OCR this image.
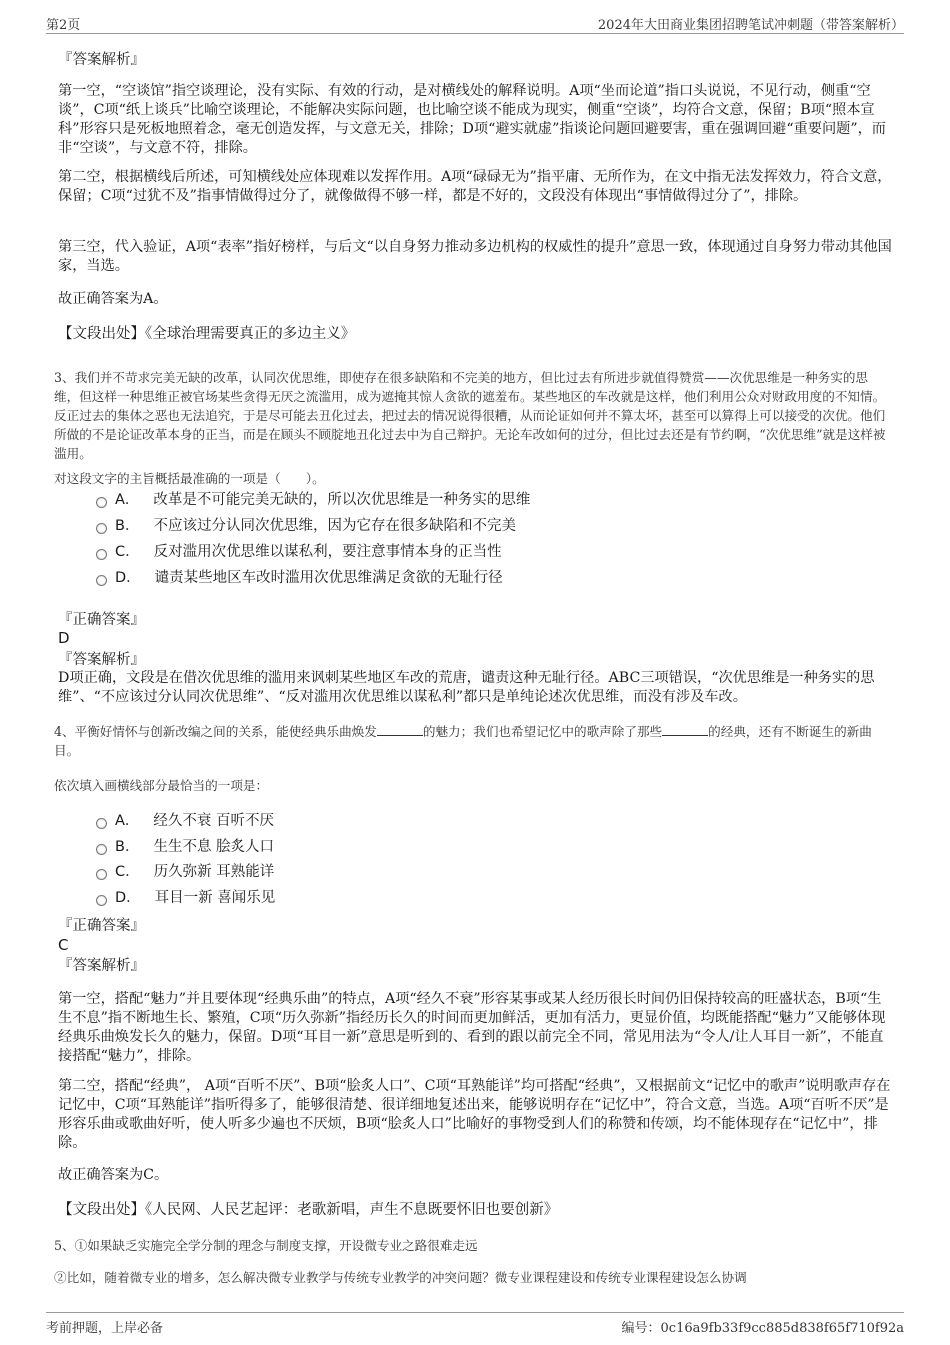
第2页	2024年大田商业集团招聘笔试冲刺题（带答案解析）
『答案解析』
第一空，“空谈馆”指空谈理论，没有实际、有效的行动，是对横线处的解释说明。A项“坐而论道”指口头说说，不见行动，侧重“空谈”，C项“纸上谈兵”比喻空谈理论，不能解决实际问题，也比喻空谈不能成为现实，侧重“空谈”，均符合文意，保留；B项“照本宣科”形容只是死板地照着念，毫无创造发挥，与文意无关，排除；D项“避实就虚”指谈论问题回避要害，重在强调回避“重要问题”，而非“空谈”，与文意不符，排除。
第二空，根据横线后所述，可知横线处应体现难以发挥作用。A项“碌碌无为”指平庸、无所作为，在文中指无法发挥效力，符合文意，保留；C项“过犹不及”指事情做得过分了，就像做得不够一样，都是不好的，文段没有体现出“事情做得过分了”，排除。
第三空，代入验证，A项“表率”指好榜样，与后文“以自身努力推动多边机构的权威性的提升”意思一致，体现通过自身努力带动其他国家，当选。
故正确答案为A。
【文段出处】《全球治理需要真正的多边主义》
3、我们并不苛求完美无缺的改革，认同次优思维，即使存在很多缺陷和不完美的地方，但比过去有所进步就值得赞赏——次优思维是一种务实的思维，但这样一种思维正被官场某些贪得无厌之流滥用，成为遮掩其惊人贪欲的遮羞布。某些地区的车改就是这样，他们利用公众对财政用度的不知情。反正过去的集体之恶也无法追究，于是尽可能去丑化过去，把过去的情况说得很糟，从而论证如何并不算太坏，甚至可以算得上可以接受的次优。他们所做的不是论证改革本身的正当，而是在顾头不顾腚地丑化过去中为自己辩护。无论车改如何的过分，但比过去还是有节约啊，“次优思维”就是这样被滥用。
对这段文字的主旨概括最准确的一项是（　　）。
A． 改革是不可能完美无缺的，所以次优思维是一种务实的思维
B． 不应该过分认同次优思维，因为它存在很多缺陷和不完美
C． 反对滥用次优思维以谋私利，要注意事情本身的正当性
D． 谴责某些地区车改时滥用次优思维满足贪欲的无耻行径
『正确答案』
D
『答案解析』
D项正确，文段是在借次优思维的滥用来讽刺某些地区车改的荒唐，谴责这种无耻行径。ABC三项错误，“次优思维是一种务实的思维”、“不应该过分认同次优思维”、“反对滥用次优思维以谋私利”都只是单纯论述次优思维，而没有涉及车改。
4、平衡好情怀与创新改编之间的关系，能使经典乐曲焕发	的魅力；我们也希望记忆中的歌声除了那些	的经典，还有不断诞生的新曲目。
依次填入画横线部分最恰当的一项是：
A． 经久不衰 百听不厌
B． 生生不息 脍炙人口
C． 历久弥新 耳熟能详
D． 耳目一新 喜闻乐见
『正确答案』
C
『答案解析』
第一空，搭配“魅力”并且要体现“经典乐曲”的特点，A项“经久不衰”形容某事或某人经历很长时间仍旧保持较高的旺盛状态，B项“生生不息”指不断地生长、繁殖，C项“历久弥新”指经历长久的时间而更加鲜活，更加有活力，更显价值，均既能搭配“魅力”又能够体现经典乐曲焕发长久的魅力，保留。D项“耳目一新”意思是听到的、看到的跟以前完全不同，常见用法为“令人/让人耳目一新”，不能直接搭配“魅力”，排除。
第二空，搭配“经典”， A项“百听不厌”、B项“脍炙人口”、C项“耳熟能详”均可搭配“经典”，又根据前文“记忆中的歌声”说明歌声存在记忆中，C项“耳熟能详”指听得多了，能够很清楚、很详细地复述出来，能够说明存在“记忆中”，符合文意，当选。A项“百听不厌”是形容乐曲或歌曲好听，使人听多少遍也不厌烦，B项“脍炙人口”比喻好的事物受到人们的称赞和传颂，均不能体现存在“记忆中”，排除。
故正确答案为C。
【文段出处】《人民网、人民艺起评：老歌新唱，声生不息既要怀旧也要创新》
5、①如果缺乏实施完全学分制的理念与制度支撑，开设微专业之路很难走远
②比如，随着微专业的增多，怎么解决微专业教学与传统专业教学的冲突问题？微专业课程建设和传统专业课程建设怎么协调
考前押题，上岸必备	编号：0c16a9fb33f9cc885d838f65f710f92a
